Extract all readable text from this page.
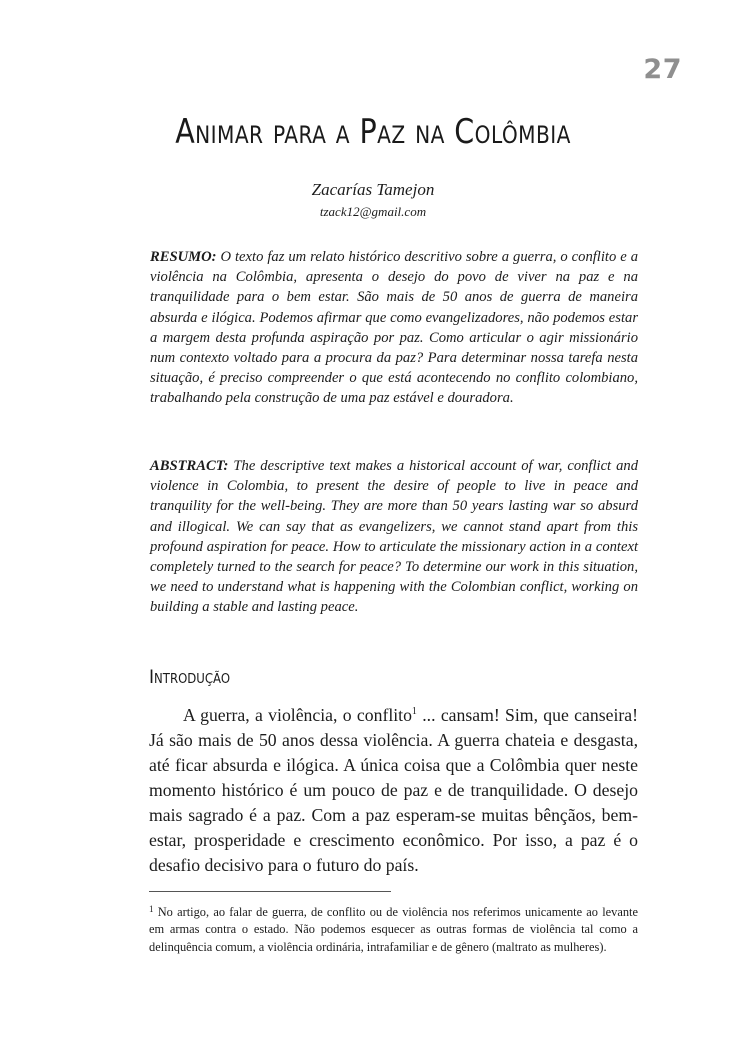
27
Animar para a Paz na Colômbia
Zacarías Tamejon
tzack12@gmail.com

RESUMO: O texto faz um relato histórico descritivo sobre a guerra, o conflito e a violência na Colômbia, apresenta o desejo do povo de viver na paz e na tranquilidade para o bem estar. São mais de 50 anos de guerra de maneira absurda e ilógica. Podemos afirmar que como evangelizadores, não podemos estar a margem desta profunda aspiração por paz. Como articular o agir missionário num contexto voltado para a procura da paz? Para determinar nossa tarefa nesta situação, é preciso compreender o que está acontecendo no conflito colombiano, trabalhando pela construção de uma paz estável e douradora.

ABSTRACT: The descriptive text makes a historical account of war, conflict and violence in Colombia, to present the desire of people to live in peace and tranquility for the well-being. They are more than 50 years lasting war so absurd and illogical. We can say that as evangelizers, we cannot stand apart from this profound aspiration for peace. How to articulate the missionary action in a context completely turned to the search for peace? To determine our work in this situation, we need to understand what is happening with the Colombian conflict, working on building a stable and lasting peace.

Introdução

A guerra, a violência, o conflito$^1$ ... cansam! Sim, que canseira! Já são mais de 50 anos dessa violência. A guerra chateia e desgasta, até ficar absurda e ilógica. A única coisa que a Colômbia quer neste momento histórico é um pouco de paz e de tranquilidade. O desejo mais sagrado é a paz. Com a paz esperam-se muitas bênçãos, bem-estar, prosperidade e crescimento econômico. Por isso, a paz é o desafio decisivo para o futuro do país.

$^1$ No artigo, ao falar de guerra, de conflito ou de violência nos referimos unicamente ao levante em armas contra o estado. Não podemos esquecer as outras formas de violência tal como a delinquência comum, a violência ordinária, intrafamiliar e de gênero (maltrato as mulheres).
